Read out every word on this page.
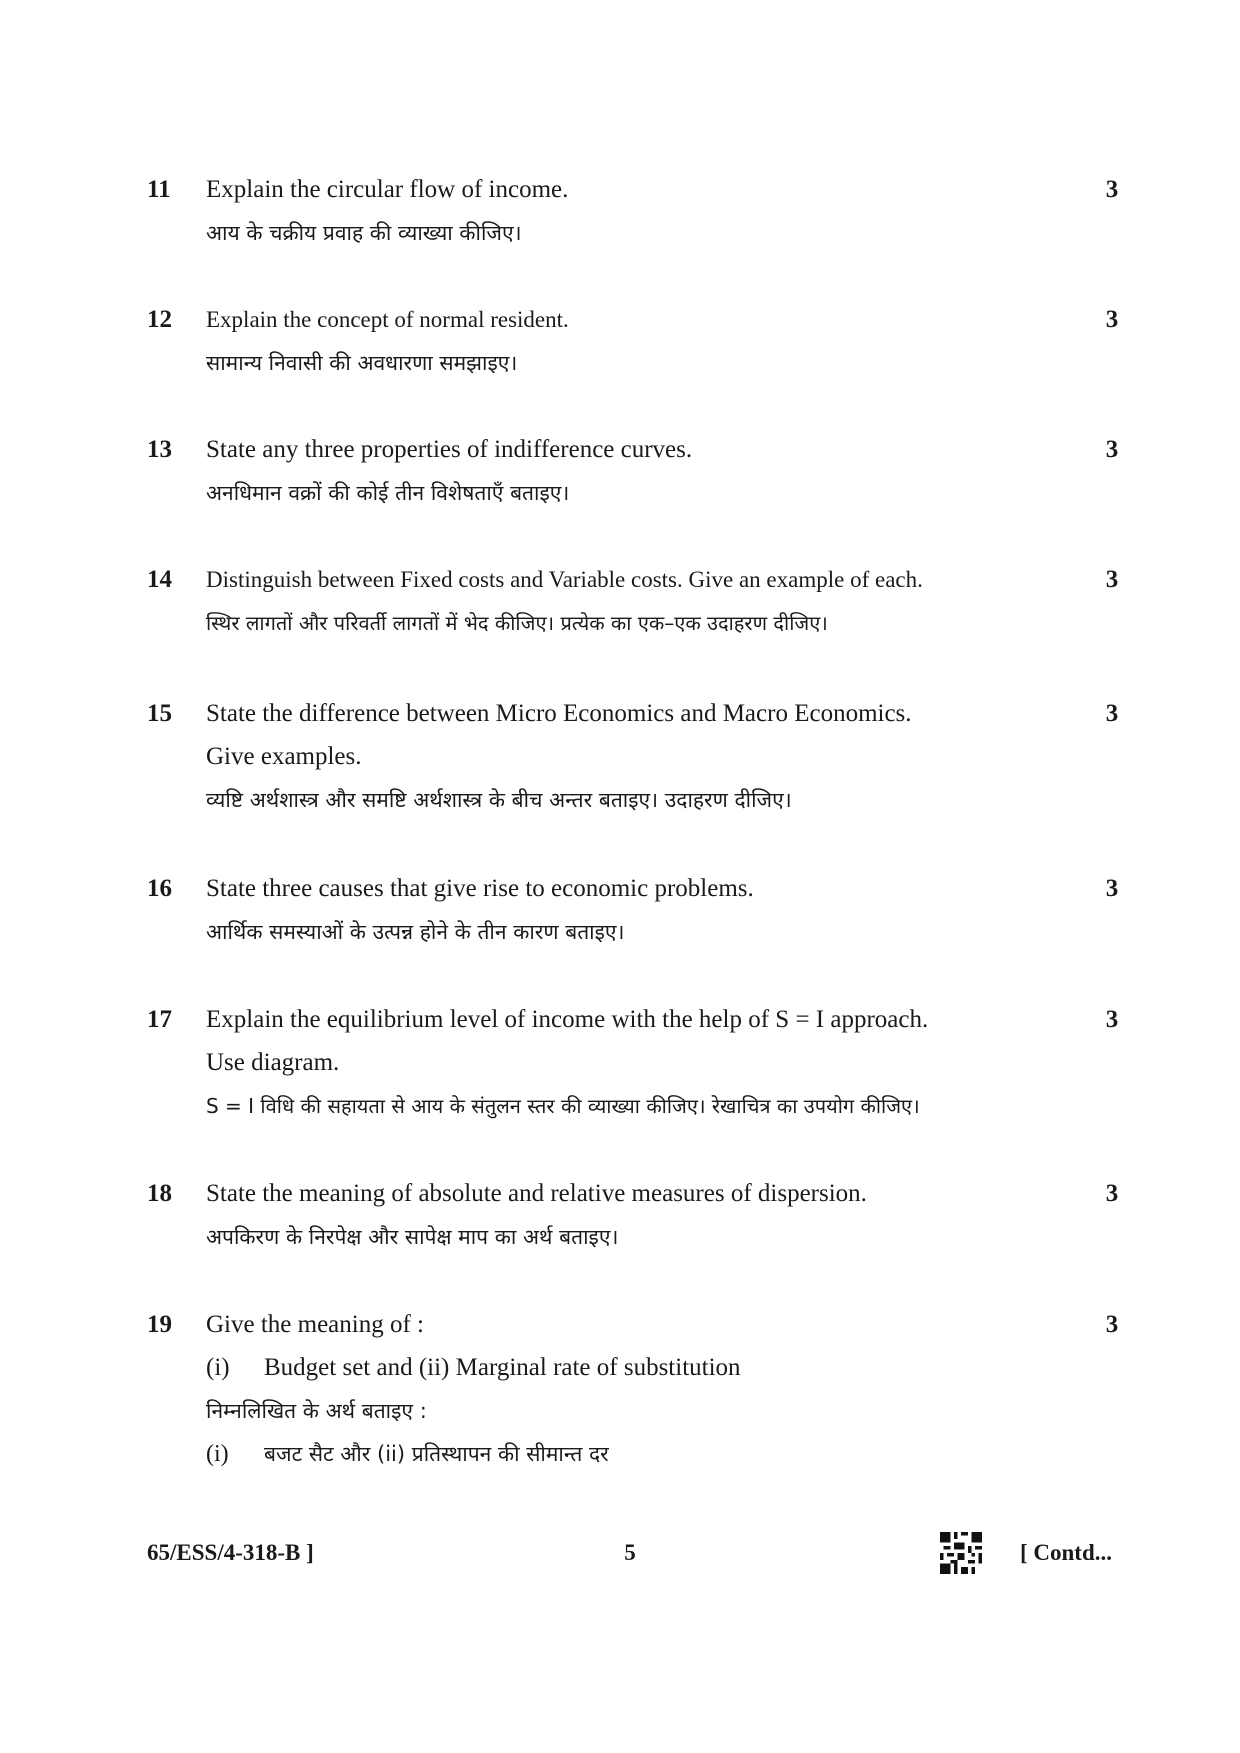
11 Explain the circular flow of income.
आय के चक्रीय प्रवाह की व्याख्या कीजिए।
3
12 Explain the concept of normal resident.
सामान्य निवासी की अवधारणा समझाइए।
3
13 State any three properties of indifference curves.
अनधिमान वक्रों की कोई तीन विशेषताएँ बताइए।
3
14 Distinguish between Fixed costs and Variable costs. Give an example of each.
स्थिर लागतों और परिवर्ती लागतों में भेद कीजिए। प्रत्येक का एक–एक उदाहरण दीजिए।
3
15 State the difference between Micro Economics and Macro Economics.
Give examples.
व्यष्टि अर्थशास्त्र और समष्टि अर्थशास्त्र के बीच अन्तर बताइए। उदाहरण दीजिए।
3
16 State three causes that give rise to economic problems.
आर्थिक समस्याओं के उत्पन्न होने के तीन कारण बताइए।
3
17 Explain the equilibrium level of income with the help of S = I approach.
Use diagram.
S = I विधि की सहायता से आय के संतुलन स्तर की व्याख्या कीजिए। रेखाचित्र का उपयोग कीजिए।
3
18 State the meaning of absolute and relative measures of dispersion.
अपकिरण के निरपेक्ष और सापेक्ष माप का अर्थ बताइए।
3
19 Give the meaning of :
(i) Budget set and (ii) Marginal rate of substitution
निम्नलिखित के अर्थ बताइए :
(i) बजट सैट और (ii) प्रतिस्थापन की सीमान्त दर
3
65/ESS/4-318-B ]	5	[ Contd...
